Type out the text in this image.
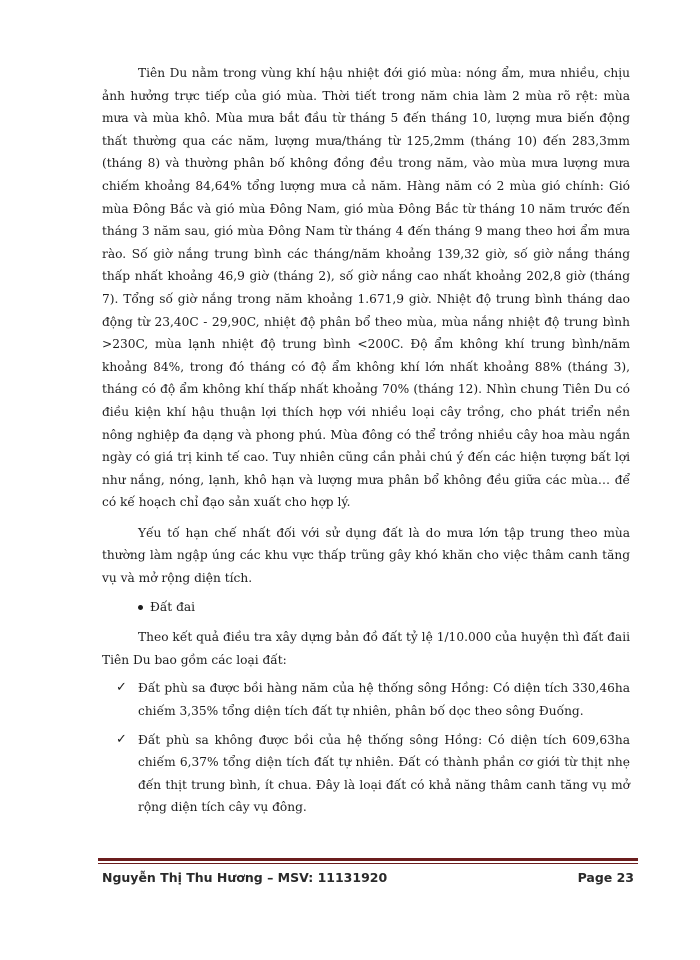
Tiên Du nằm trong vùng khí hậu nhiệt đới gió mùa: nóng ẩm, mưa nhiều, chịu ảnh hưởng trực tiếp của gió mùa. Thời tiết trong năm chia làm 2 mùa rõ rệt: mùa mưa và mùa khô. Mùa mưa bắt đầu từ tháng 5 đến tháng 10, lượng mưa biến động thất thường qua các năm, lượng mưa/tháng từ 125,2mm (tháng 10) đến 283,3mm (tháng 8) và thường phân bố không đồng đều trong năm, vào mùa mưa lượng mưa chiếm khoảng 84,64% tổng lượng mưa cả năm. Hàng năm có 2 mùa gió chính: Gió mùa Đông Bắc và gió mùa Đông Nam, gió mùa Đông Bắc từ tháng 10 năm trước đến tháng 3 năm sau, gió mùa Đông Nam từ tháng 4 đến tháng 9 mang theo hơi ẩm mưa rào. Số giờ nắng trung bình các tháng/năm khoảng 139,32 giờ, số giờ nắng tháng thấp nhất khoảng 46,9 giờ (tháng 2), số giờ nắng cao nhất khoảng 202,8 giờ (tháng 7). Tổng số giờ nắng trong năm khoảng 1.671,9 giờ. Nhiệt độ trung bình tháng dao động từ 23,40C - 29,90C, nhiệt độ phân bổ theo mùa, mùa nắng nhiệt độ trung bình >230C, mùa lạnh nhiệt độ trung bình <200C. Độ ẩm không khí trung bình/năm khoảng 84%, trong đó tháng có độ ẩm không khí lớn nhất khoảng 88% (tháng 3), tháng có độ ẩm không khí thấp nhất khoảng 70% (tháng 12). Nhìn chung Tiên Du có điều kiện khí hậu thuận lợi thích hợp với nhiều loại cây trồng, cho phát triển nền nông nghiệp đa dạng và phong phú. Mùa đông có thể trồng nhiều cây hoa màu ngắn ngày có giá trị kinh tế cao. Tuy nhiên cũng cần phải chú ý đến các hiện tượng bất lợi như nắng, nóng, lạnh, khô hạn và lượng mưa phân bổ không đều giữa các mùa… để có kế hoạch chỉ đạo sản xuất cho hợp lý.

Yếu tố hạn chế nhất đối với sử dụng đất là do mưa lớn tập trung theo mùa thường làm ngập úng các khu vực thấp trũng gây khó khăn cho việc thâm canh tăng vụ và mở rộng diện tích.

Đất đai

Theo kết quả điều tra xây dựng bản đồ đất tỷ lệ 1/10.000 của huyện thì đất đaii Tiên Du bao gồm các loại đất:

✓ Đất phù sa được bồi hàng năm của hệ thống sông Hồng: Có diện tích 330,46ha chiếm 3,35% tổng diện tích đất tự nhiên, phân bố dọc theo sông Đuống.
✓ Đất phù sa không được bồi của hệ thống sông Hồng: Có diện tích 609,63ha chiếm 6,37% tổng diện tích đất tự nhiên. Đất có thành phần cơ giới từ thịt nhẹ đến thịt trung bình, ít chua. Đây là loại đất có khả năng thâm canh tăng vụ mở rộng diện tích cây vụ đông.
Nguyễn Thị Thu Hương – MSV: 11131920	Page 23
